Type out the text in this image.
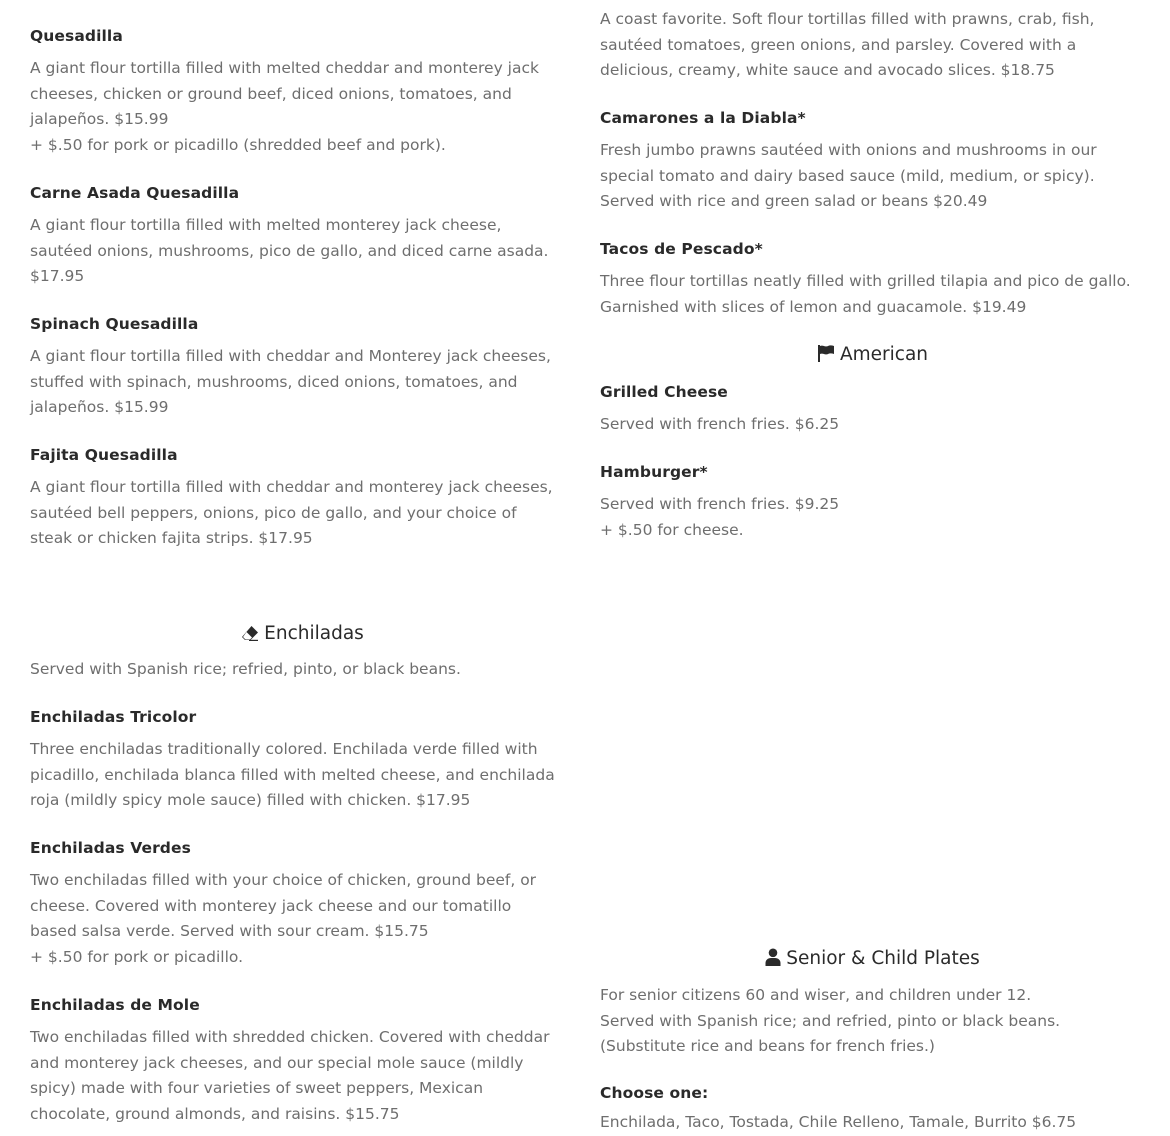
Quesadilla

A giant flour tortilla filled with melted cheddar and monterey jack
cheeses, chicken or ground beef, diced onions, tomatoes, and
jalapeños. $15.99
+ $.50 for pork or picadillo (shredded beef and pork).

Carne Asada Quesadilla

A giant flour tortilla filled with melted monterey jack cheese,
sautéed onions, mushrooms, pico de gallo, and diced carne asada.
$17.95

Spinach Quesadilla

A giant flour tortilla filled with cheddar and Monterey jack cheeses,
stuffed with spinach, mushrooms, diced onions, tomatoes, and
jalapeños. $15.99

Fajita Quesadilla

A giant flour tortilla filled with cheddar and monterey jack cheeses,
sautéed bell peppers, onions, pico de gallo, and your choice of
steak or chicken fajita strips. $17.95
Enchiladas

Served with Spanish rice; refried, pinto, or black beans.

Enchiladas Tricolor

Three enchiladas traditionally colored. Enchilada verde filled with
picadillo, enchilada blanca filled with melted cheese, and enchilada
roja (mildly spicy mole sauce) filled with chicken. $17.95

Enchiladas Verdes

Two enchiladas filled with your choice of chicken, ground beef, or
cheese. Covered with monterey jack cheese and our tomatillo
based salsa verde. Served with sour cream. $15.75
+ $.50 for pork or picadillo.

Enchiladas de Mole

Two enchiladas filled with shredded chicken. Covered with cheddar
and monterey jack cheeses, and our special mole sauce (mildly
spicy) made with four varieties of sweet peppers, Mexican
chocolate, ground almonds, and raisins. $15.75
A coast favorite. Soft flour tortillas filled with prawns, crab, fish,
sautéed tomatoes, green onions, and parsley. Covered with a
delicious, creamy, white sauce and avocado slices. $18.75

Camarones a la Diabla*

Fresh jumbo prawns sautéed with onions and mushrooms in our
special tomato and dairy based sauce (mild, medium, or spicy).
Served with rice and green salad or beans $20.49

Tacos de Pescado*

Three flour tortillas neatly filled with grilled tilapia and pico de gallo.
Garnished with slices of lemon and guacamole. $19.49
American

Grilled Cheese

Served with french fries. $6.25

Hamburger*

Served with french fries. $9.25
+ $.50 for cheese.
Senior & Child Plates
For senior citizens 60 and wiser, and children under 12.
Served with Spanish rice; and refried, pinto or black beans.
(Substitute rice and beans for french fries.)

Choose one:

Enchilada, Taco, Tostada, Chile Relleno, Tamale, Burrito $6.75
